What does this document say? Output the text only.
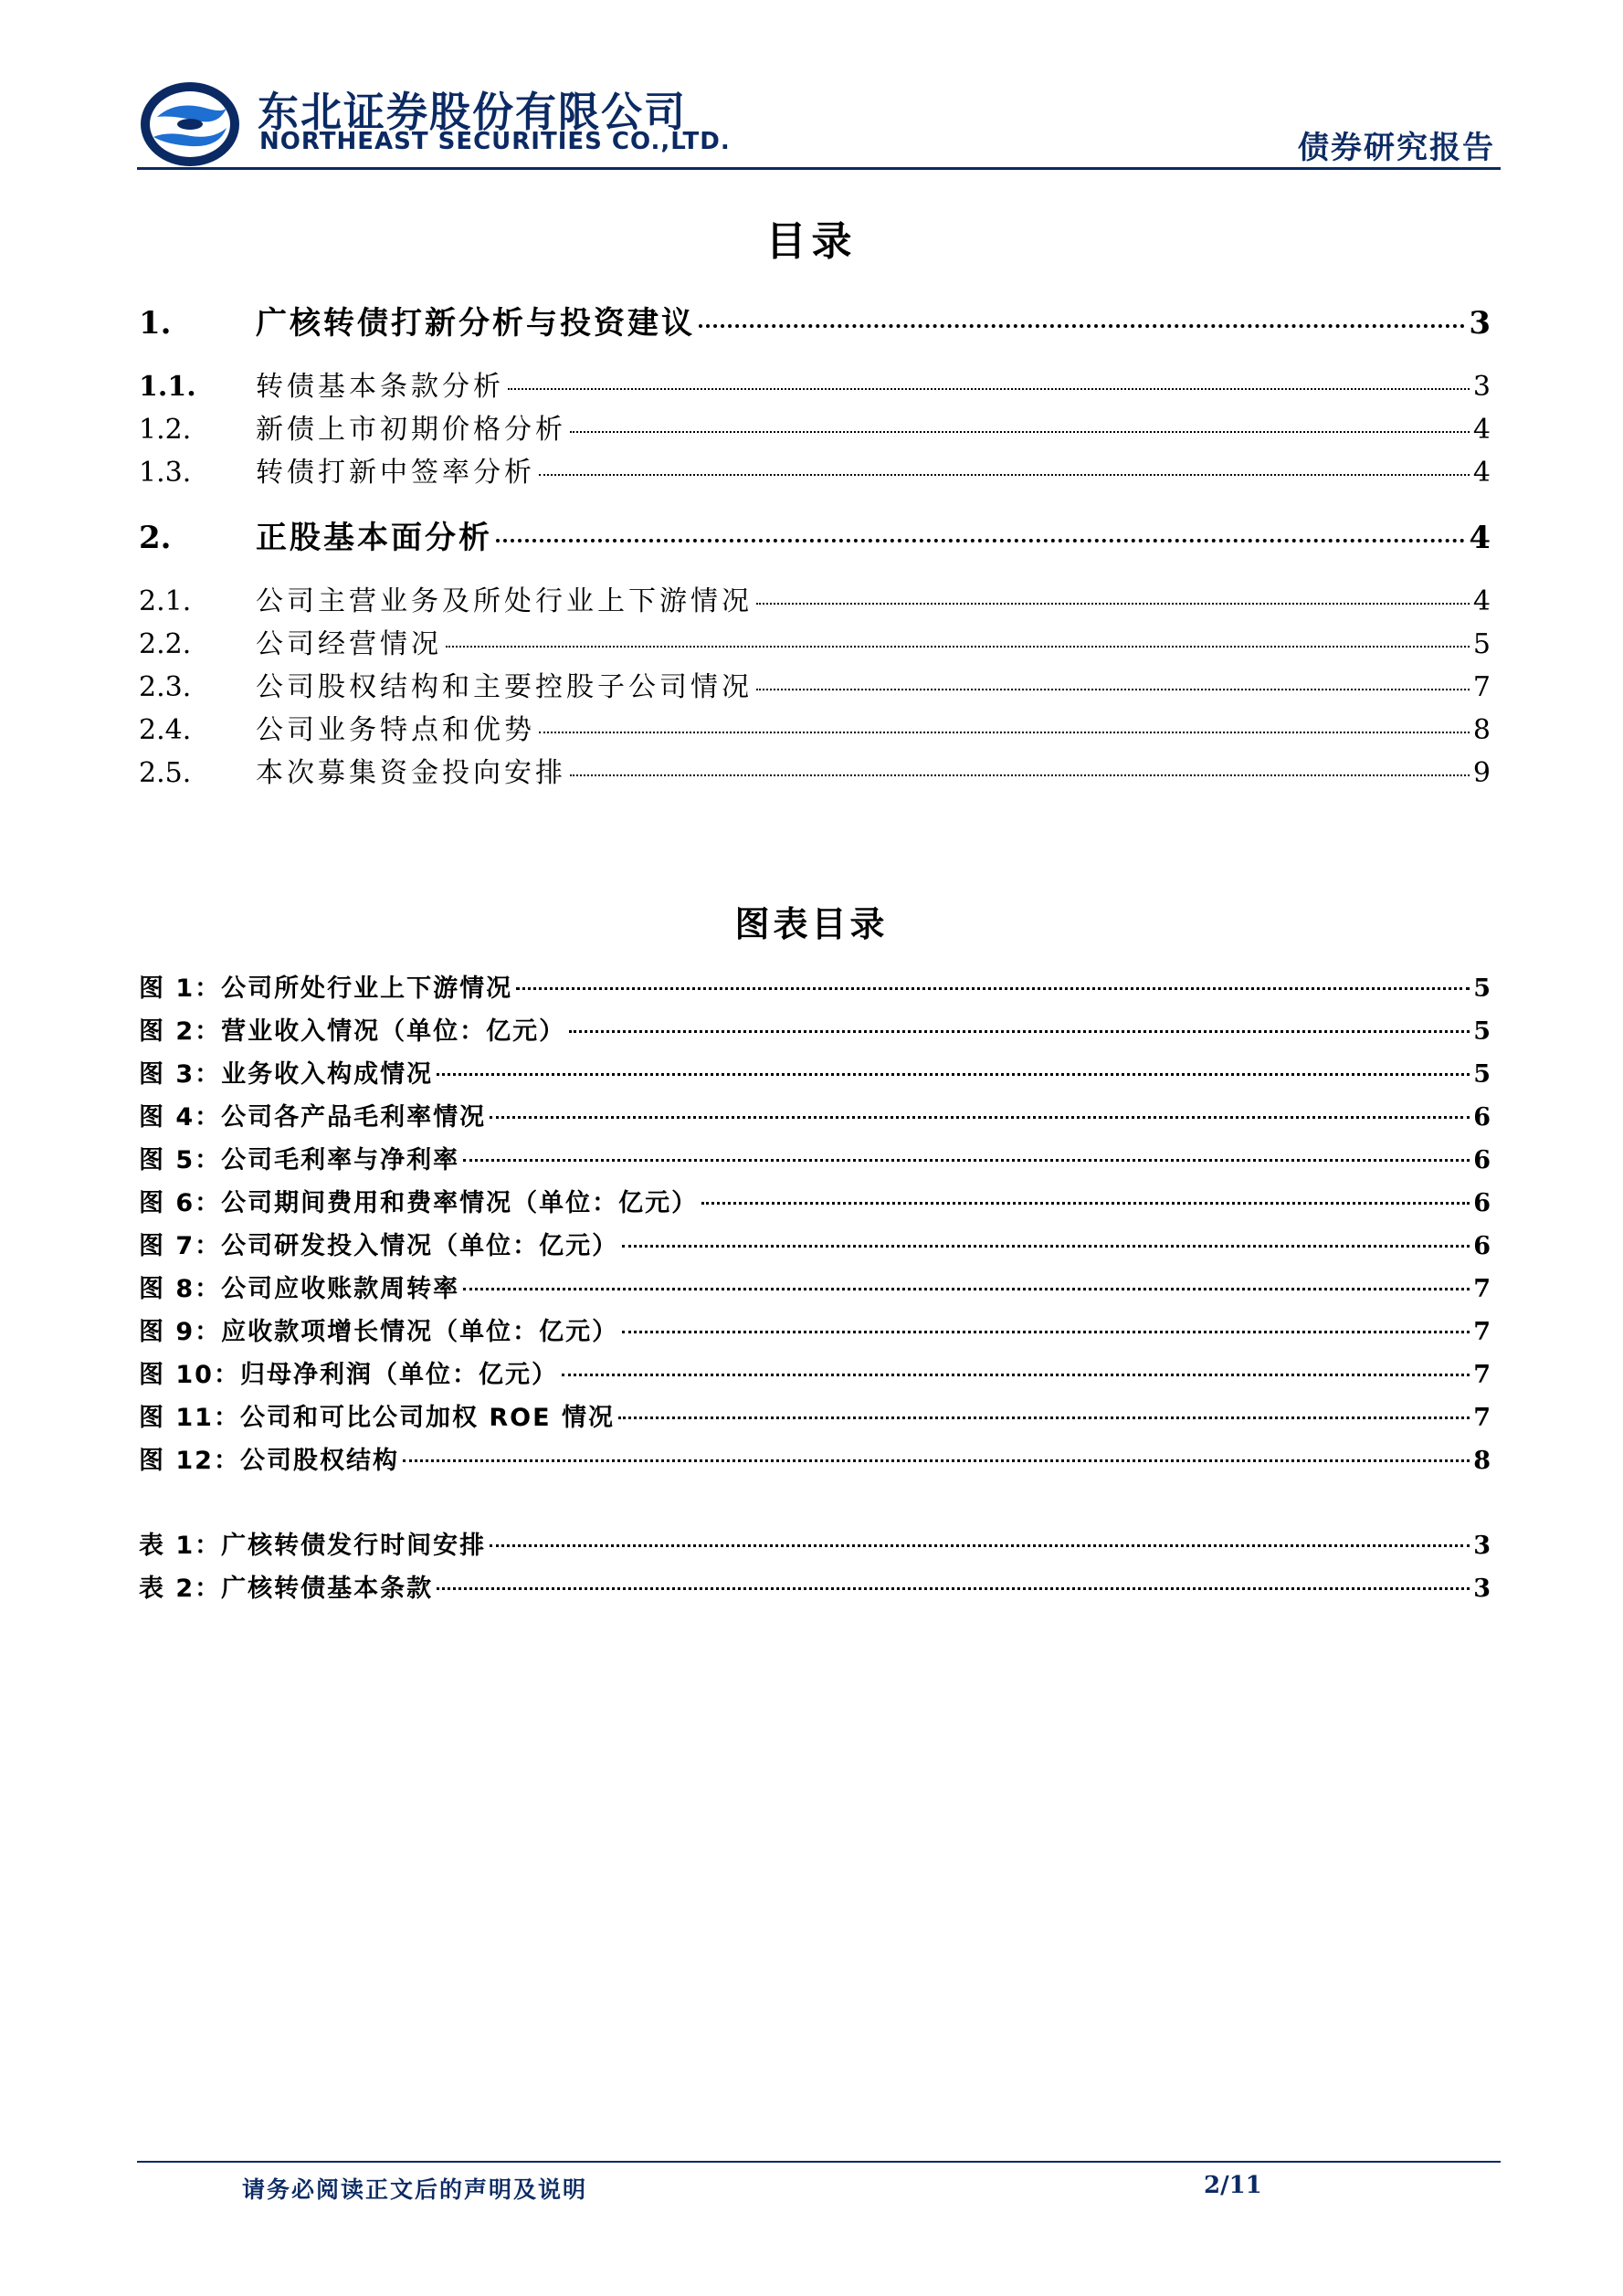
东北证券股份有限公司
NORTHEAST SECURITIES CO.,LTD.	债券研究报告
目录
1.	广核转债打新分析与投资建议	3
1.1.	转债基本条款分析	3
1.2.	新债上市初期价格分析	4
1.3.	转债打新中签率分析	4
2.	正股基本面分析	4
2.1.	公司主营业务及所处行业上下游情况	4
2.2.	公司经营情况	5
2.3.	公司股权结构和主要控股子公司情况	7
2.4.	公司业务特点和优势	8
2.5.	本次募集资金投向安排	9
图表目录
图 1：公司所处行业上下游情况	5
图 2：营业收入情况（单位：亿元）	5
图 3：业务收入构成情况	5
图 4：公司各产品毛利率情况	6
图 5：公司毛利率与净利率	6
图 6：公司期间费用和费率情况（单位：亿元）	6
图 7：公司研发投入情况（单位：亿元）	6
图 8：公司应收账款周转率	7
图 9：应收款项增长情况（单位：亿元）	7
图 10：归母净利润（单位：亿元）	7
图 11：公司和可比公司加权 ROE 情况	7
图 12：公司股权结构	8
表 1：广核转债发行时间安排	3
表 2：广核转债基本条款	3
请务必阅读正文后的声明及说明	2/11
